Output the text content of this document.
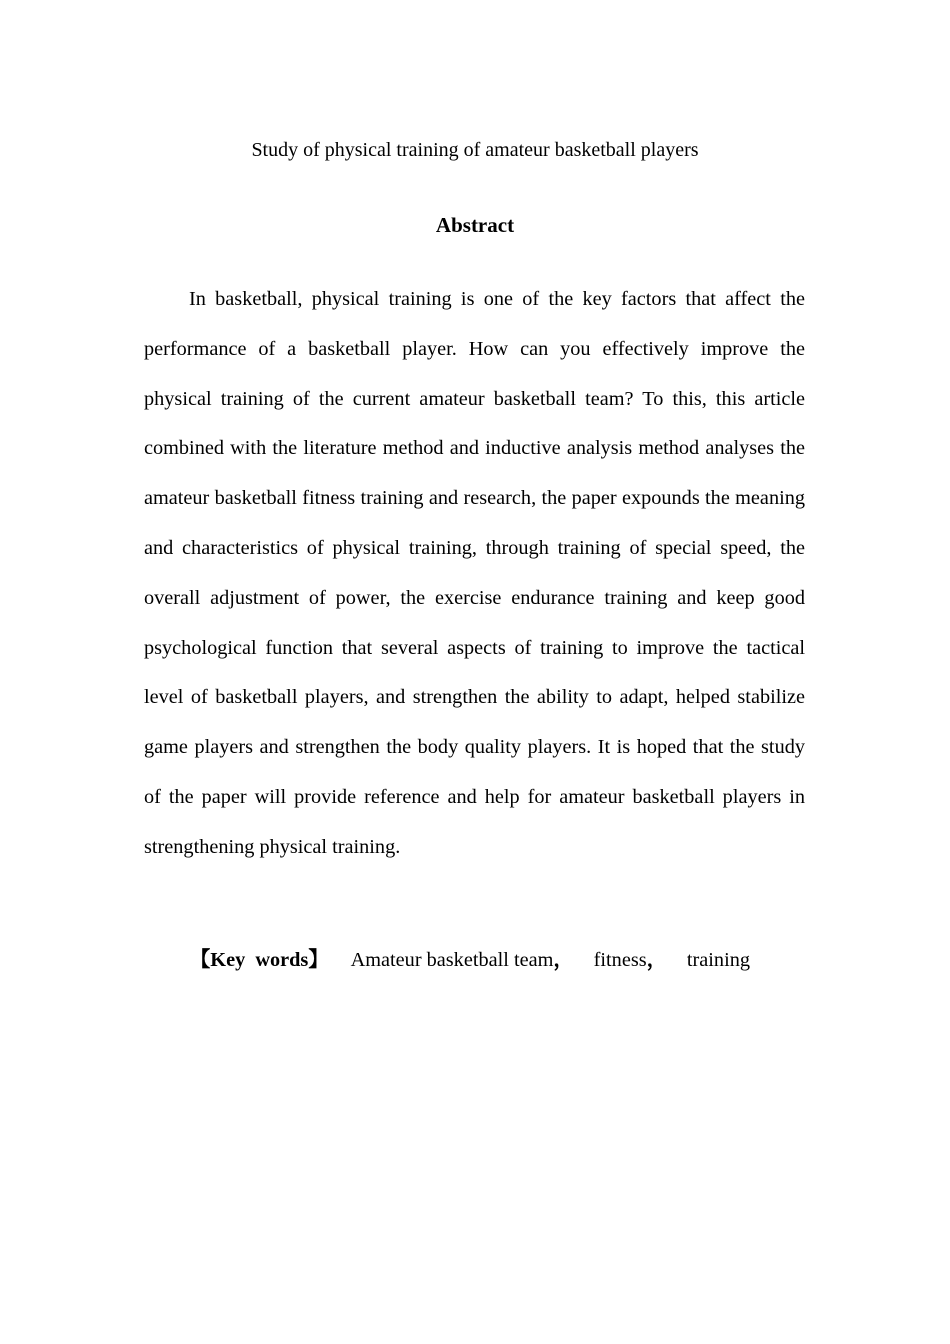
Study of physical training of amateur basketball players
Abstract

In basketball, physical training is one of the key factors that affect the performance of a basketball player. How can you effectively improve the physical training of the current amateur basketball team? To this, this article combined with the literature method and inductive analysis method analyses the amateur basketball fitness training and research, the paper expounds the meaning and characteristics of physical training, through training of special speed, the overall adjustment of power, the exercise endurance training and keep good psychological function that several aspects of training to improve the tactical level of basketball players, and strengthen the ability to adapt, helped stabilize game players and strengthen the body quality players. It is hoped that the study of the paper will provide reference and help for amateur basketball players in strengthening physical training.

【Key  words】 Amateur basketball team， fitness， training
